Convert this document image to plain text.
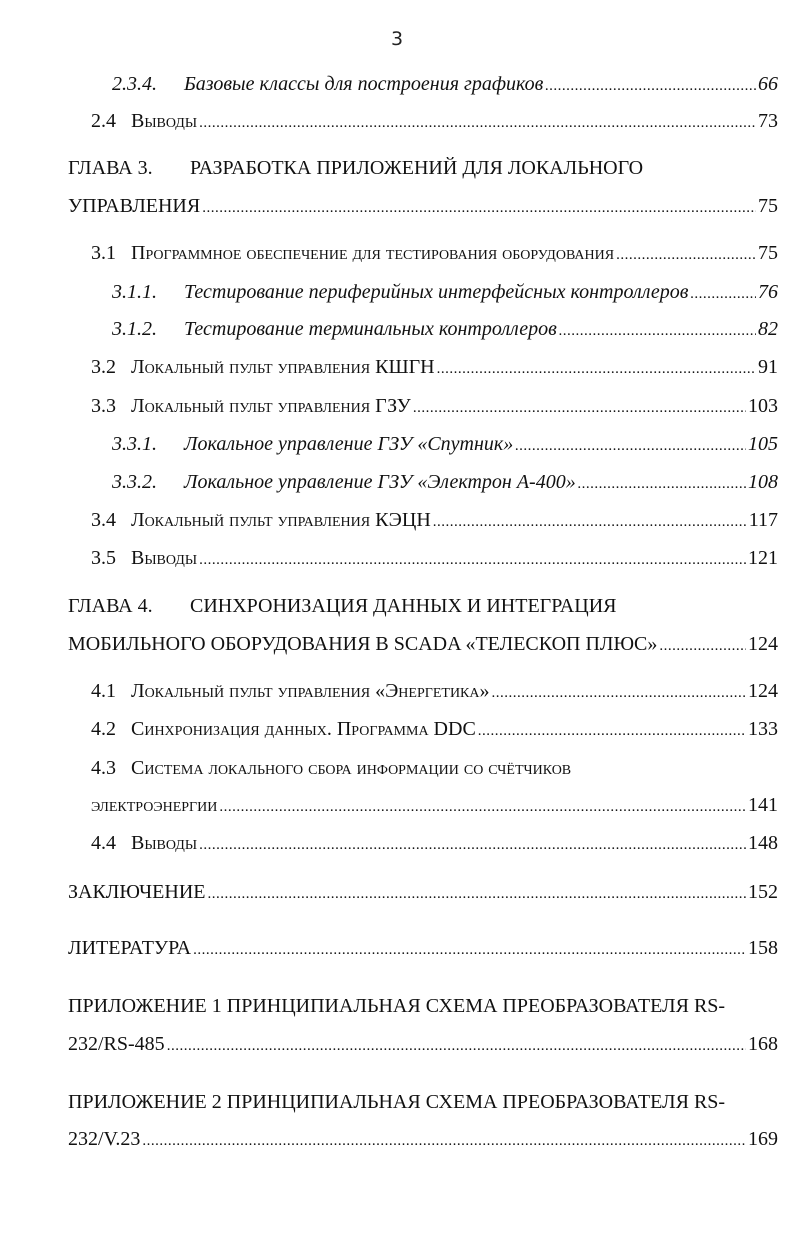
3
2.3.4.	Базовые классы для построения графиков .....	66
2.4 Выводы .....	73
ГЛАВА 3. РАЗРАБОТКА ПРИЛОЖЕНИЙ ДЛЯ ЛОКАЛЬНОГО
УПРАВЛЕНИЯ .....	75
3.1 Программное обеспечение для тестирования оборудования .....	75
3.1.1.	Тестирование периферийных интерфейсных контроллеров .....	76
3.1.2.	Тестирование терминальных контроллеров .....	82
3.2 Локальный пульт управления КШГН .....	91
3.3 Локальный пульт управления ГЗУ .....	103
3.3.1.	Локальное управление ГЗУ «Спутник» .....	105
3.3.2.	Локальное управление ГЗУ «Электрон А-400» .....	108
3.4 Локальный пульт управления КЭЦН .....	117
3.5 Выводы .....	121
ГЛАВА 4. СИНХРОНИЗАЦИЯ ДАННЫХ И ИНТЕГРАЦИЯ
МОБИЛЬНОГО ОБОРУДОВАНИЯ В SCADA «ТЕЛЕСКОП ПЛЮС» .....	124
4.1 Локальный пульт управления «Энергетика» .....	124
4.2 Синхронизация данных. Программа DDC .....	133
4.3 Система локального сбора информации со счётчиков
электроэнергии .....	141
4.4 Выводы .....	148
ЗАКЛЮЧЕНИЕ .....	152
ЛИТЕРАТУРА .....	158
ПРИЛОЖЕНИЕ 1 ПРИНЦИПИАЛЬНАЯ СХЕМА ПРЕОБРАЗОВАТЕЛЯ RS-
232/RS-485 .....	168
ПРИЛОЖЕНИЕ 2 ПРИНЦИПИАЛЬНАЯ СХЕМА ПРЕОБРАЗОВАТЕЛЯ RS-
232/V.23 .....	169
